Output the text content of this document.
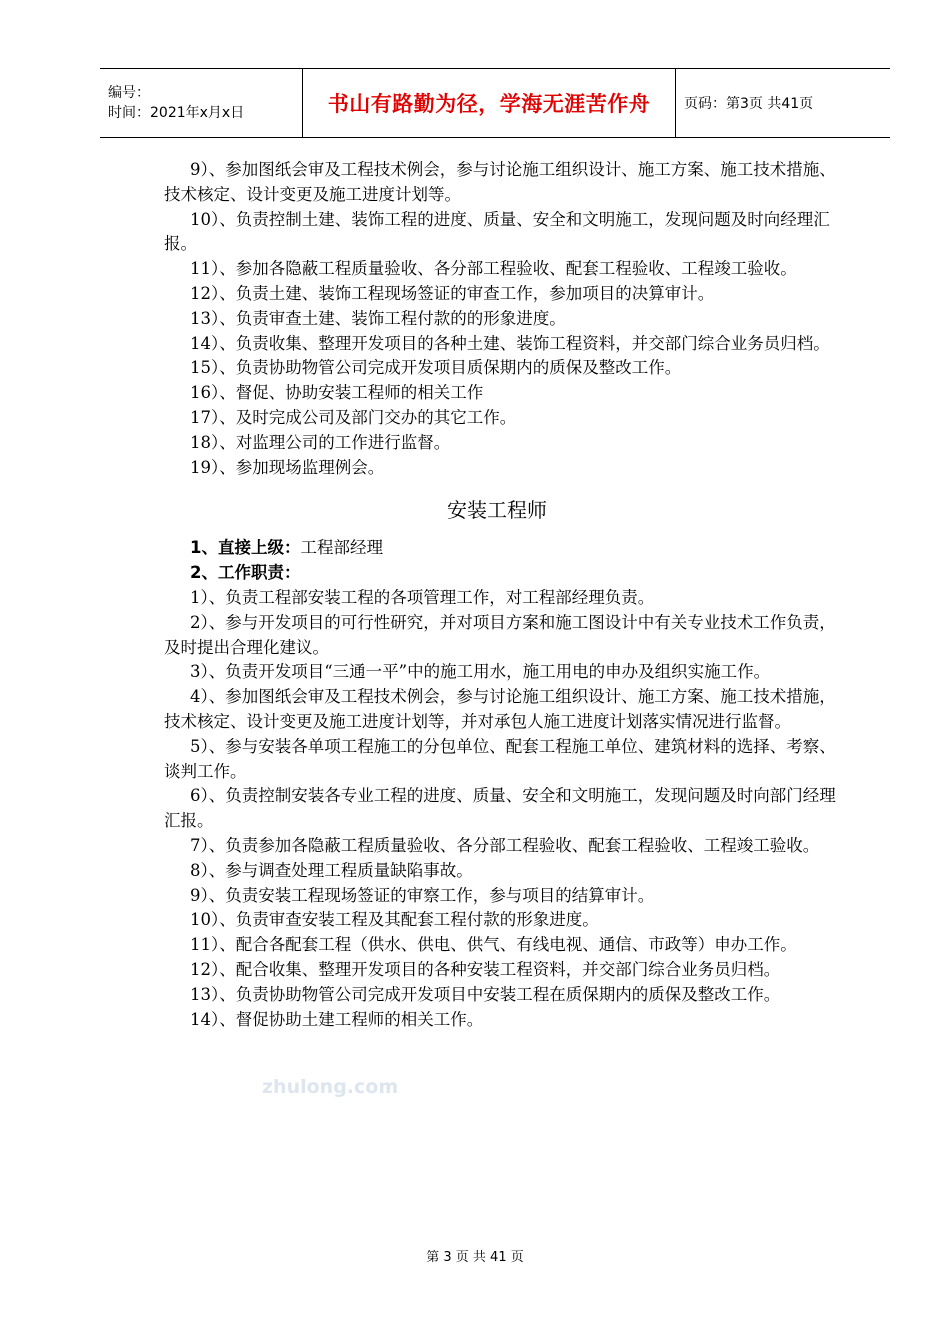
编号：
时间：2021年x月x日	书山有路勤为径，学海无涯苦作舟 页码：第3页 共41页
9）、参加图纸会审及工程技术例会，参与讨论施工组织设计、施工方案、施工技术措施、技术核定、设计变更及施工进度计划等。
10）、负责控制土建、装饰工程的进度、质量、安全和文明施工，发现问题及时向经理汇报。
11）、参加各隐蔽工程质量验收、各分部工程验收、配套工程验收、工程竣工验收。
12）、负责土建、装饰工程现场签证的审查工作，参加项目的决算审计。
13）、负责审查土建、装饰工程付款的的形象进度。
14）、负责收集、整理开发项目的各种土建、装饰工程资料，并交部门综合业务员归档。
15）、负责协助物管公司完成开发项目质保期内的质保及整改工作。
16）、督促、协助安装工程师的相关工作
17）、及时完成公司及部门交办的其它工作。
18）、对监理公司的工作进行监督。
19）、参加现场监理例会。
安装工程师
1、直接上级：工程部经理
2、工作职责：
1）、负责工程部安装工程的各项管理工作，对工程部经理负责。
2）、参与开发项目的可行性研究，并对项目方案和施工图设计中有关专业技术工作负责，及时提出合理化建议。
3）、负责开发项目“三通一平”中的施工用水，施工用电的申办及组织实施工作。
4）、参加图纸会审及工程技术例会，参与讨论施工组织设计、施工方案、施工技术措施，技术核定、设计变更及施工进度计划等，并对承包人施工进度计划落实情况进行监督。
5）、参与安装各单项工程施工的分包单位、配套工程施工单位、建筑材料的选择、考察、谈判工作。
6）、负责控制安装各专业工程的进度、质量、安全和文明施工，发现问题及时向部门经理汇报。
7）、负责参加各隐蔽工程质量验收、各分部工程验收、配套工程验收、工程竣工验收。
8）、参与调查处理工程质量缺陷事故。
9）、负责安装工程现场签证的审察工作，参与项目的结算审计。
10）、负责审查安装工程及其配套工程付款的形象进度。
11）、配合各配套工程（供水、供电、供气、有线电视、通信、市政等）申办工作。
12）、配合收集、整理开发项目的各种安装工程资料，并交部门综合业务员归档。
13）、负责协助物管公司完成开发项目中安装工程在质保期内的质保及整改工作。
14）、督促协助土建工程师的相关工作。
zhulong.com
第 3 页 共 41 页
